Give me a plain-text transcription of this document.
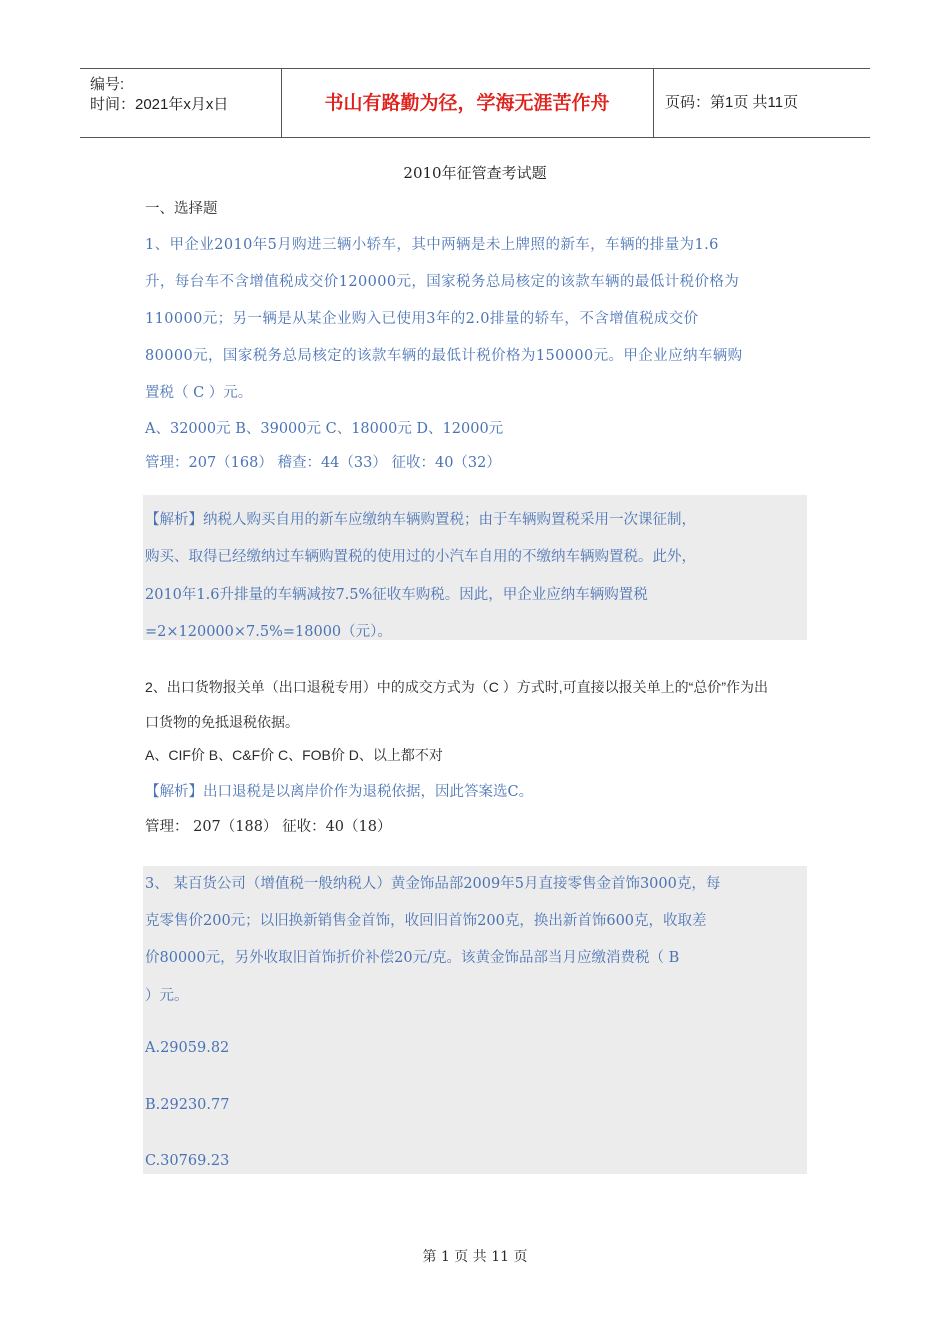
编号:
时间：2021年x月x日	书山有路勤为径，学海无涯苦作舟	页码：第1页 共11页
2010年征管查考试题
一、选择题
1、甲企业2010年5月购进三辆小轿车，其中两辆是未上牌照的新车，车辆的排量为1.6
升，每台车不含增值税成交价120000元，国家税务总局核定的该款车辆的最低计税价格为
110000元；另一辆是从某企业购入已使用3年的2.0排量的轿车，不含增值税成交价
80000元，国家税务总局核定的该款车辆的最低计税价格为150000元。甲企业应纳车辆购
置税（ C ）元。
A、32000元 B、39000元 C、18000元 D、12000元
管理：207（168） 稽查：44（33） 征收：40（32）
【解析】纳税人购买自用的新车应缴纳车辆购置税；由于车辆购置税采用一次课征制，
购买、取得已经缴纳过车辆购置税的使用过的小汽车自用的不缴纳车辆购置税。此外，
2010年1.6升排量的车辆减按7.5%征收车购税。因此，甲企业应纳车辆购置税
=2×120000×7.5%=18000（元）。
2、出口货物报关单（出口退税专用）中的成交方式为（C ）方式时,可直接以报关单上的“总价”作为出
口货物的免抵退税依据。
A、CIF价 B、C&F价 C、FOB价 D、以上都不对
【解析】出口退税是以离岸价作为退税依据，因此答案选C。
管理： 207（188） 征收：40（18）
3、 某百货公司（增值税一般纳税人）黄金饰品部2009年5月直接零售金首饰3000克，每
克零售价200元；以旧换新销售金首饰，收回旧首饰200克，换出新首饰600克，收取差
价80000元，另外收取旧首饰折价补偿20元/克。该黄金饰品部当月应缴消费税（ B
）元。
A.29059.82
B.29230.77
C.30769.23
第 1 页 共 11 页
